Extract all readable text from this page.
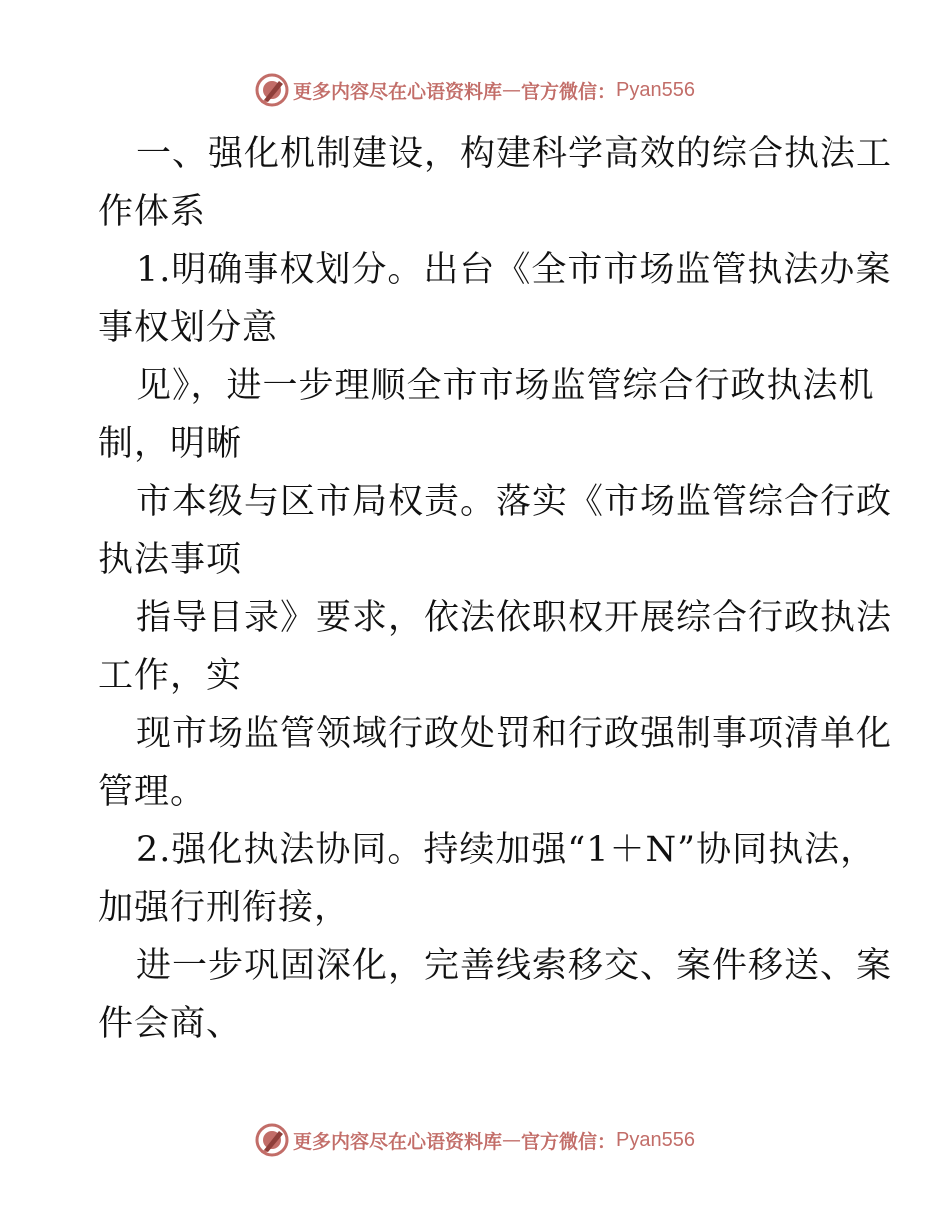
更多内容尽在心语资料库 — 官方微信： Pyan556
一、强化机制建设，构建科学高效的综合执法工
作体系
1.明确事权划分。出台《全市市场监管执法办案
事权划分意
见》，进一步理顺全市市场监管综合行政执法机
制，明晰
市本级与区市局权责。落实《市场监管综合行政
执法事项
指导目录》要求，依法依职权开展综合行政执法
工作，实
现市场监管领域行政处罚和行政强制事项清单化
管理。
2.强化执法协同。持续加强“1＋N”协同执法，
加强行刑衔接，
进一步巩固深化，完善线索移交、案件移送、案
件会商、
更多内容尽在心语资料库 — 官方微信： Pyan556
